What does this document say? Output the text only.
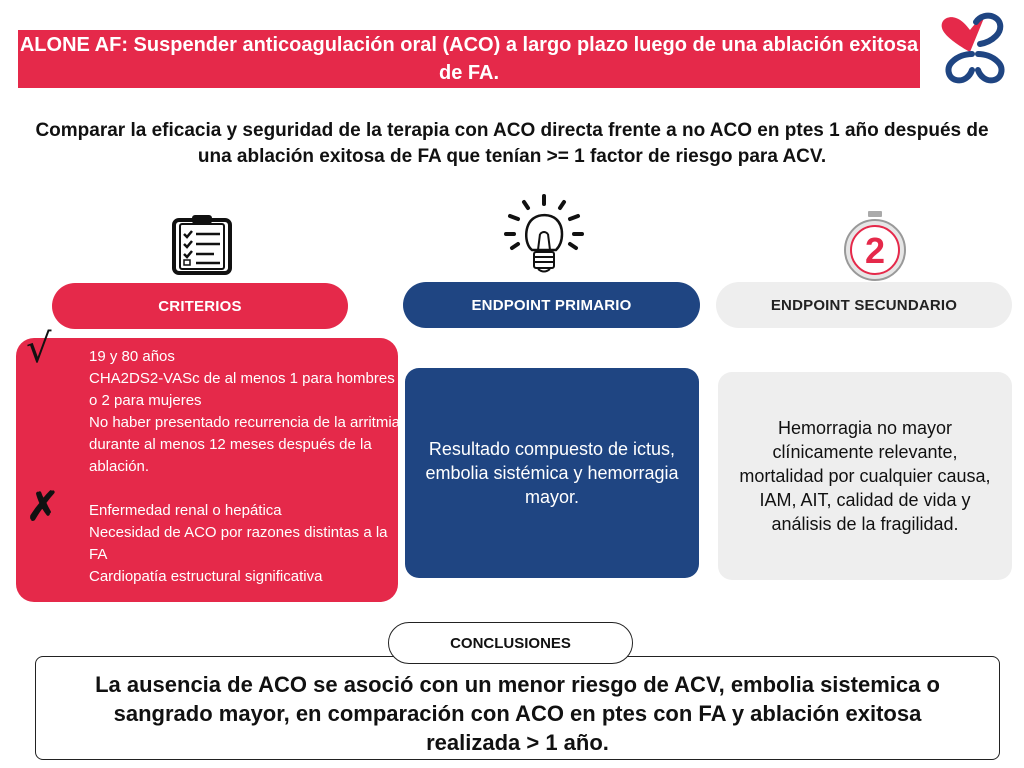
ALONE AF: Suspender anticoagulación oral (ACO) a largo plazo luego de una ablación exitosa de FA.
Comparar la eficacia y seguridad de la terapia con ACO directa frente a no ACO en ptes 1 año después de una ablación exitosa de FA que tenían >= 1 factor de riesgo para ACV.
2
CRITERIOS	ENDPOINT PRIMARIO	ENDPOINT SECUNDARIO
√	19 y 80 años
CHA2DS2-VASc de al menos 1 para hombres o 2 para mujeres
No haber presentado recurrencia de la arritmia durante al menos 12 meses después de la ablación.
✗ Enfermedad renal o hepática
Necesidad de ACO por razones distintas a la FA
Cardiopatía estructural significativa
Resultado compuesto de ictus, embolia sistémica y hemorragia mayor.
Hemorragia no mayor clínicamente relevante, mortalidad por cualquier causa, IAM, AIT, calidad de vida y análisis de la fragilidad.
CONCLUSIONES
La ausencia de ACO se asoció con un menor riesgo de ACV, embolia sistemica o sangrado mayor, en comparación con ACO en ptes con FA y ablación exitosa realizada > 1 año.
